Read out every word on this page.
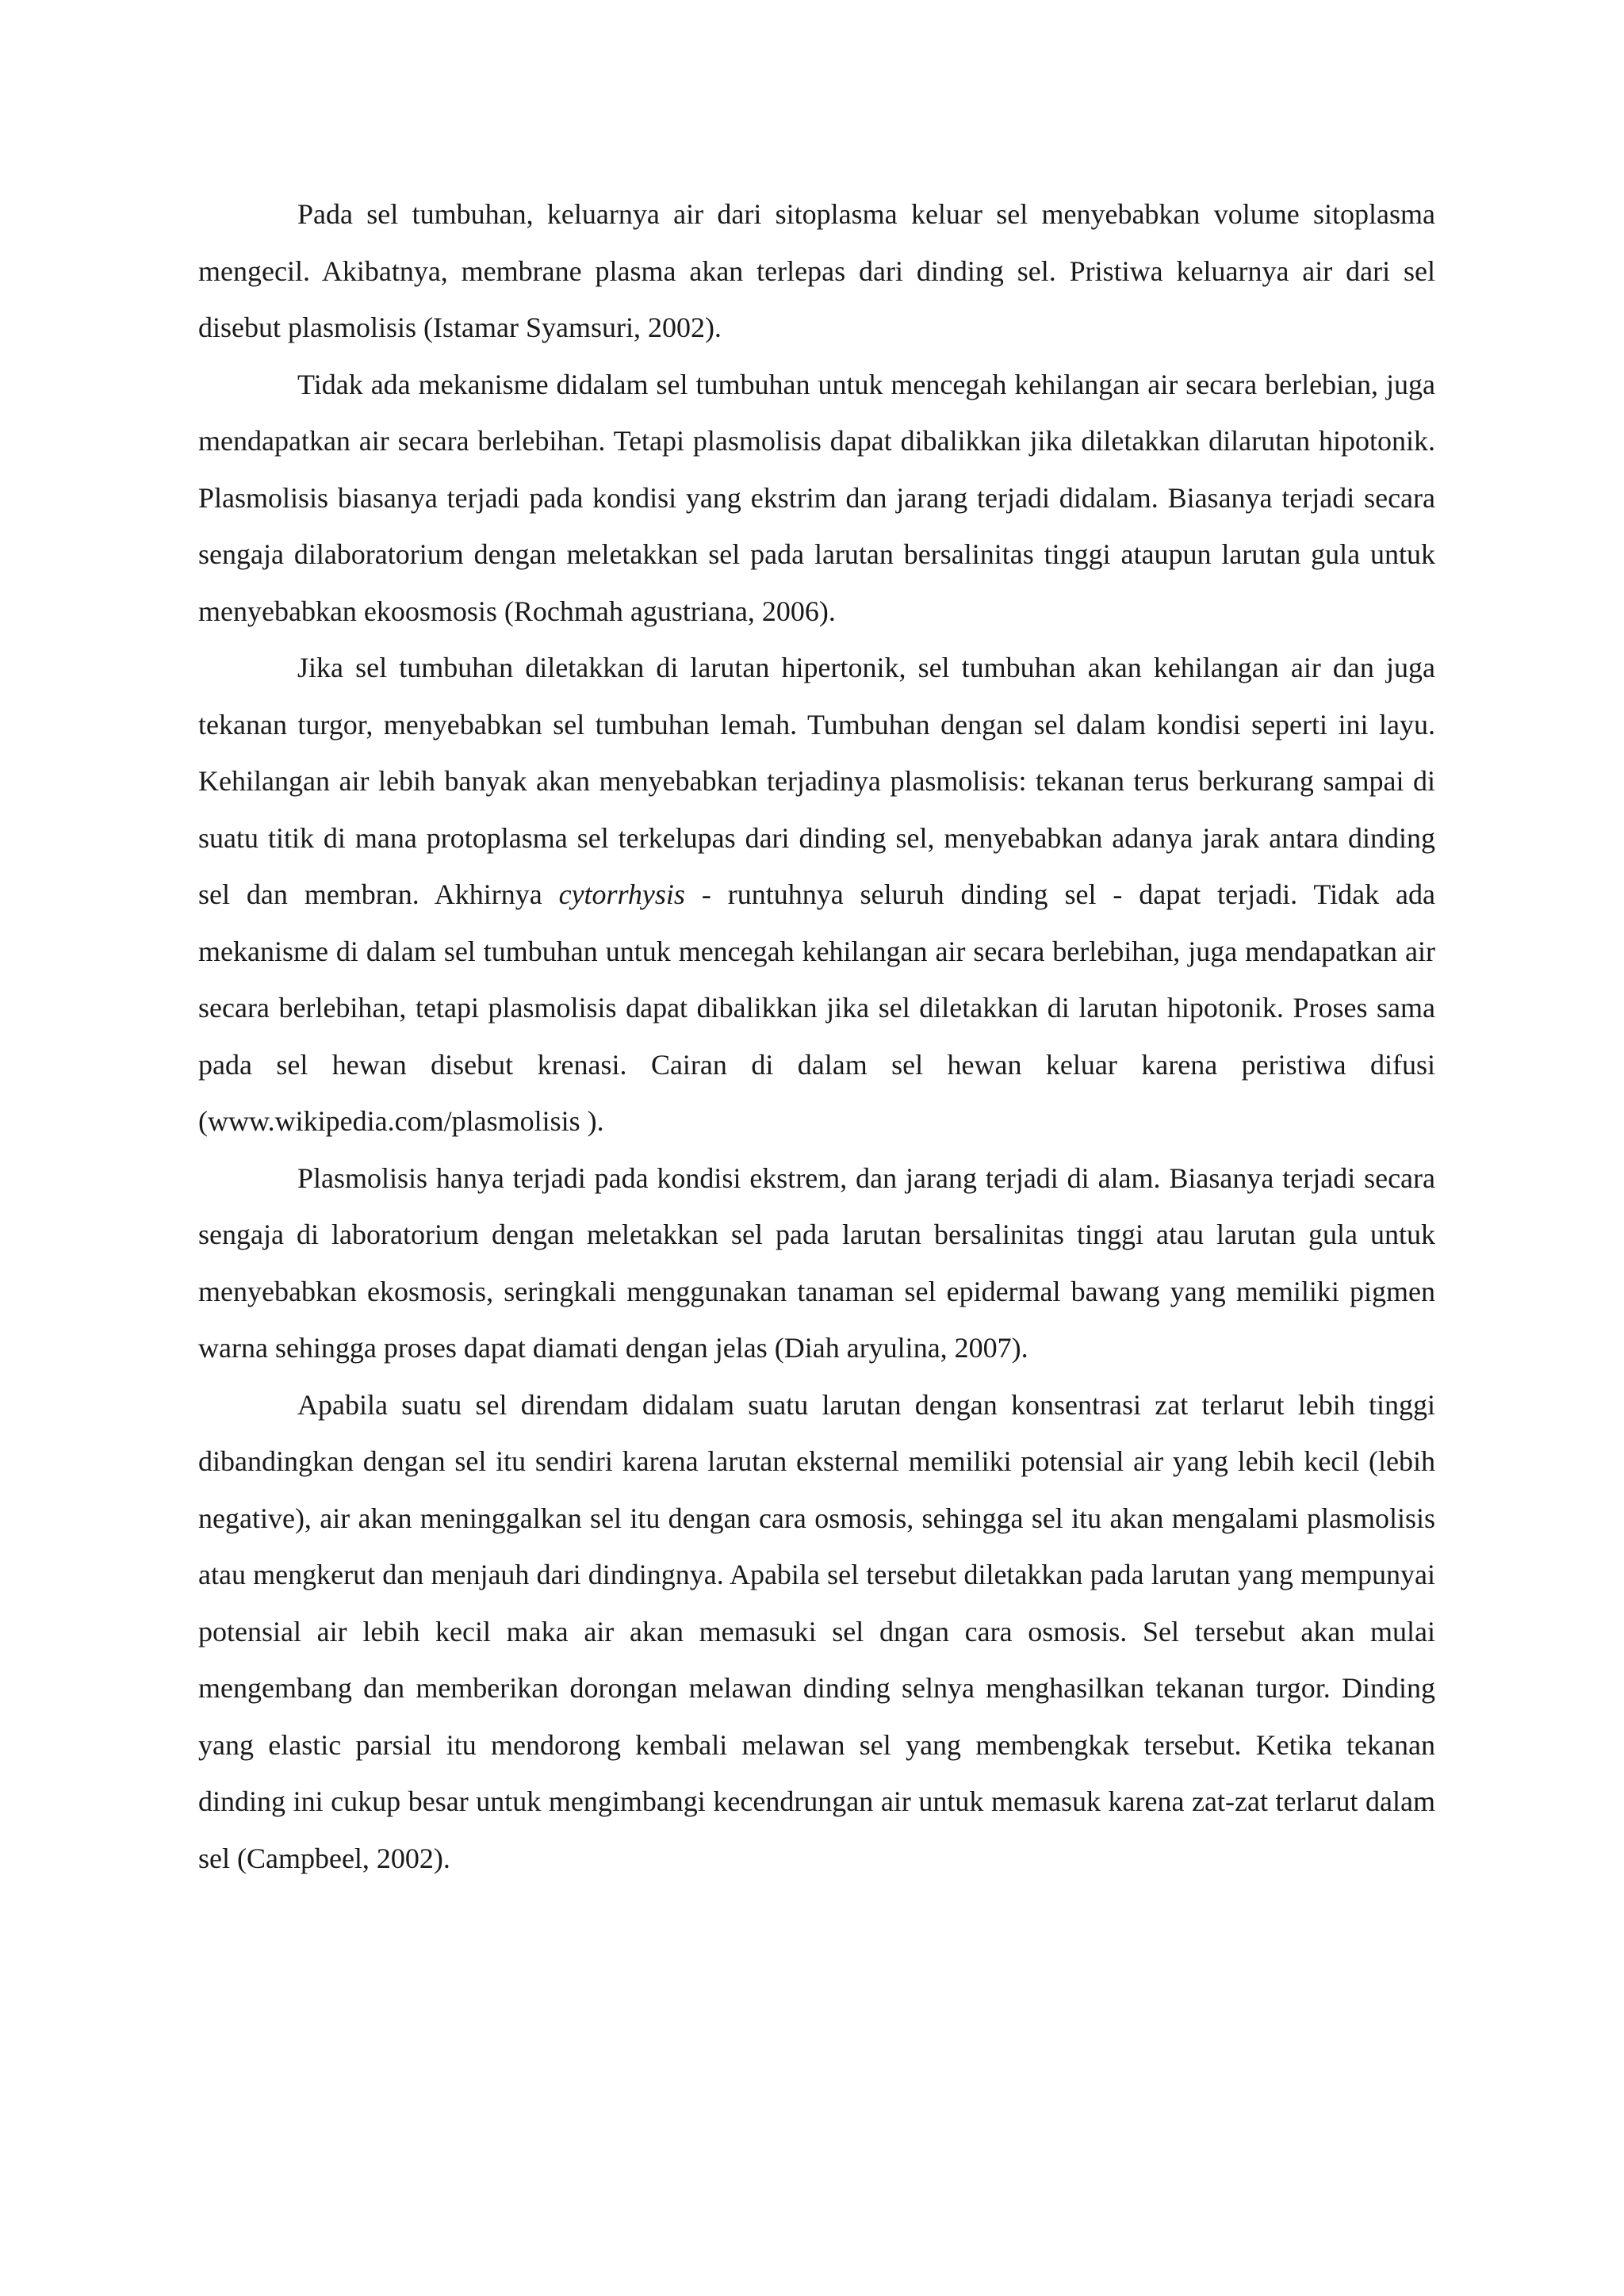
Pada sel tumbuhan, keluarnya air dari sitoplasma keluar sel menyebabkan volume sitoplasma mengecil. Akibatnya, membrane plasma akan terlepas dari dinding sel. Pristiwa keluarnya air dari sel disebut plasmolisis (Istamar Syamsuri, 2002).

Tidak ada mekanisme didalam sel tumbuhan untuk mencegah kehilangan air secara berlebian, juga mendapatkan air secara berlebihan. Tetapi plasmolisis dapat dibalikkan jika diletakkan dilarutan hipotonik. Plasmolisis biasanya terjadi pada kondisi yang ekstrim dan jarang terjadi didalam. Biasanya terjadi secara sengaja dilaboratorium dengan meletakkan sel pada larutan bersalinitas tinggi ataupun larutan gula untuk menyebabkan ekoosmosis (Rochmah agustriana, 2006).

Jika sel tumbuhan diletakkan di larutan hipertonik, sel tumbuhan akan kehilangan air dan juga tekanan turgor, menyebabkan sel tumbuhan lemah. Tumbuhan dengan sel dalam kondisi seperti ini layu. Kehilangan air lebih banyak akan menyebabkan terjadinya plasmolisis: tekanan terus berkurang sampai di suatu titik di mana protoplasma sel terkelupas dari dinding sel, menyebabkan adanya jarak antara dinding sel dan membran. Akhirnya cytorrhysis - runtuhnya seluruh dinding sel - dapat terjadi. Tidak ada mekanisme di dalam sel tumbuhan untuk mencegah kehilangan air secara berlebihan, juga mendapatkan air secara berlebihan, tetapi plasmolisis dapat dibalikkan jika sel diletakkan di larutan hipotonik. Proses sama pada sel hewan disebut krenasi. Cairan di dalam sel hewan keluar karena peristiwa difusi (www.wikipedia.com/plasmolisis ).

Plasmolisis hanya terjadi pada kondisi ekstrem, dan jarang terjadi di alam. Biasanya terjadi secara sengaja di laboratorium dengan meletakkan sel pada larutan bersalinitas tinggi atau larutan gula untuk menyebabkan ekosmosis, seringkali menggunakan tanaman sel epidermal bawang yang memiliki pigmen warna sehingga proses dapat diamati dengan jelas (Diah aryulina, 2007).

Apabila suatu sel direndam didalam suatu larutan dengan konsentrasi zat terlarut lebih tinggi dibandingkan dengan sel itu sendiri karena larutan eksternal memiliki potensial air yang lebih kecil (lebih negative), air akan meninggalkan sel itu dengan cara osmosis, sehingga sel itu akan mengalami plasmolisis atau mengkerut dan menjauh dari dindingnya. Apabila sel tersebut diletakkan pada larutan yang mempunyai potensial air lebih kecil maka air akan memasuki sel dngan cara osmosis. Sel tersebut akan mulai mengembang dan memberikan dorongan melawan dinding selnya menghasilkan tekanan turgor. Dinding yang elastic parsial itu mendorong kembali melawan sel yang membengkak tersebut. Ketika tekanan dinding ini cukup besar untuk mengimbangi kecendrungan air untuk memasuk karena zat-zat terlarut dalam sel (Campbeel, 2002).
